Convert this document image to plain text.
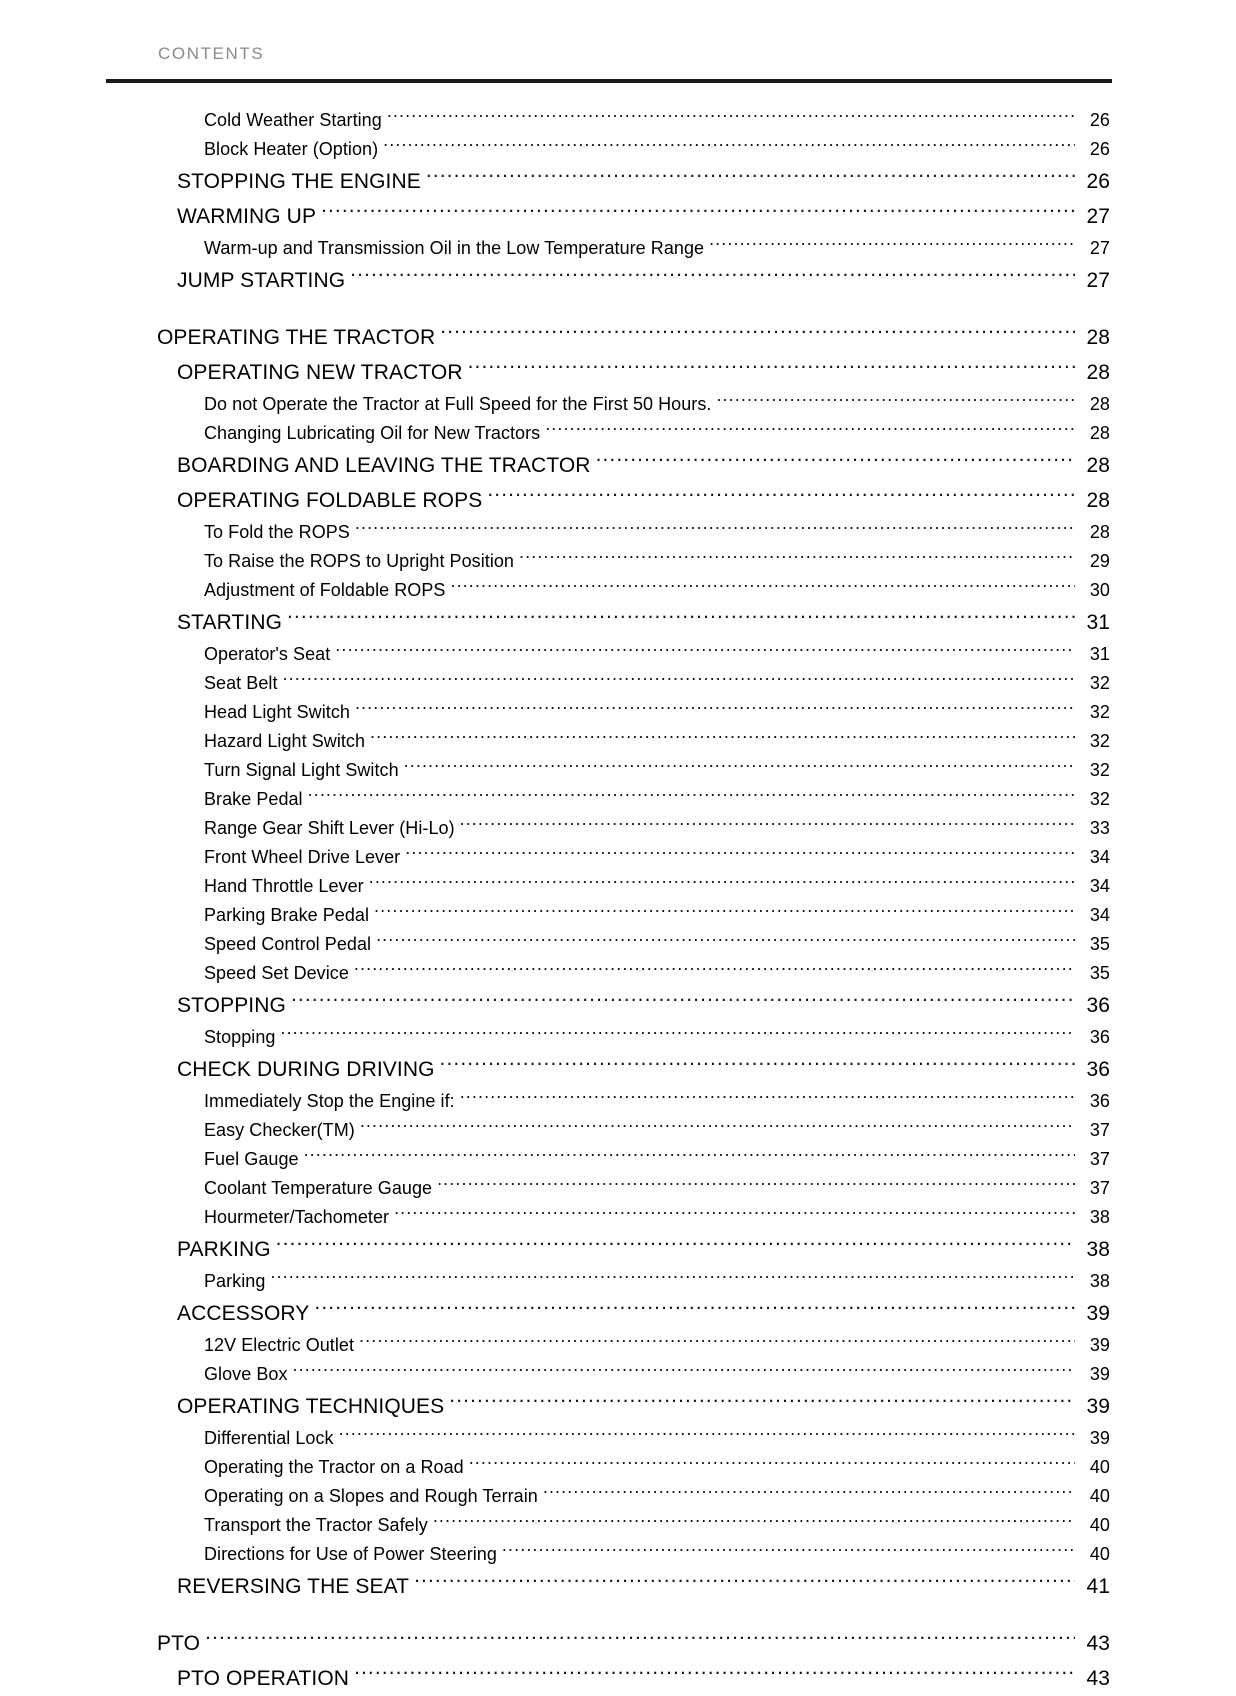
CONTENTS
Cold Weather Starting .....	26
Block Heater (Option) .....	26
STOPPING THE ENGINE .....	26
WARMING UP .....	27
Warm-up and Transmission Oil in the Low Temperature Range .....	27
JUMP STARTING .....	27
OPERATING THE TRACTOR .....	28
OPERATING NEW TRACTOR .....	28
Do not Operate the Tractor at Full Speed for the First 50 Hours. .....	28
Changing Lubricating Oil for New Tractors .....	28
BOARDING AND LEAVING THE TRACTOR .....	28
OPERATING FOLDABLE ROPS .....	28
To Fold the ROPS .....	28
To Raise the ROPS to Upright Position .....	29
Adjustment of Foldable ROPS .....	30
STARTING .....	31
Operator's Seat .....	31
Seat Belt .....	32
Head Light Switch .....	32
Hazard Light Switch .....	32
Turn Signal Light Switch .....	32
Brake Pedal .....	32
Range Gear Shift Lever (Hi-Lo) .....	33
Front Wheel Drive Lever .....	34
Hand Throttle Lever .....	34
Parking Brake Pedal .....	34
Speed Control Pedal .....	35
Speed Set Device .....	35
STOPPING .....	36
Stopping .....	36
CHECK DURING DRIVING .....	36
Immediately Stop the Engine if: .....	36
Easy Checker(TM) .....	37
Fuel Gauge .....	37
Coolant Temperature Gauge .....	37
Hourmeter/Tachometer .....	38
PARKING .....	38
Parking .....	38
ACCESSORY .....	39
12V Electric Outlet .....	39
Glove Box .....	39
OPERATING TECHNIQUES .....	39
Differential Lock .....	39
Operating the Tractor on a Road .....	40
Operating on a Slopes and Rough Terrain .....	40
Transport the Tractor Safely .....	40
Directions for Use of Power Steering .....	40
REVERSING THE SEAT .....	41
PTO .....	43
PTO OPERATION .....	43
